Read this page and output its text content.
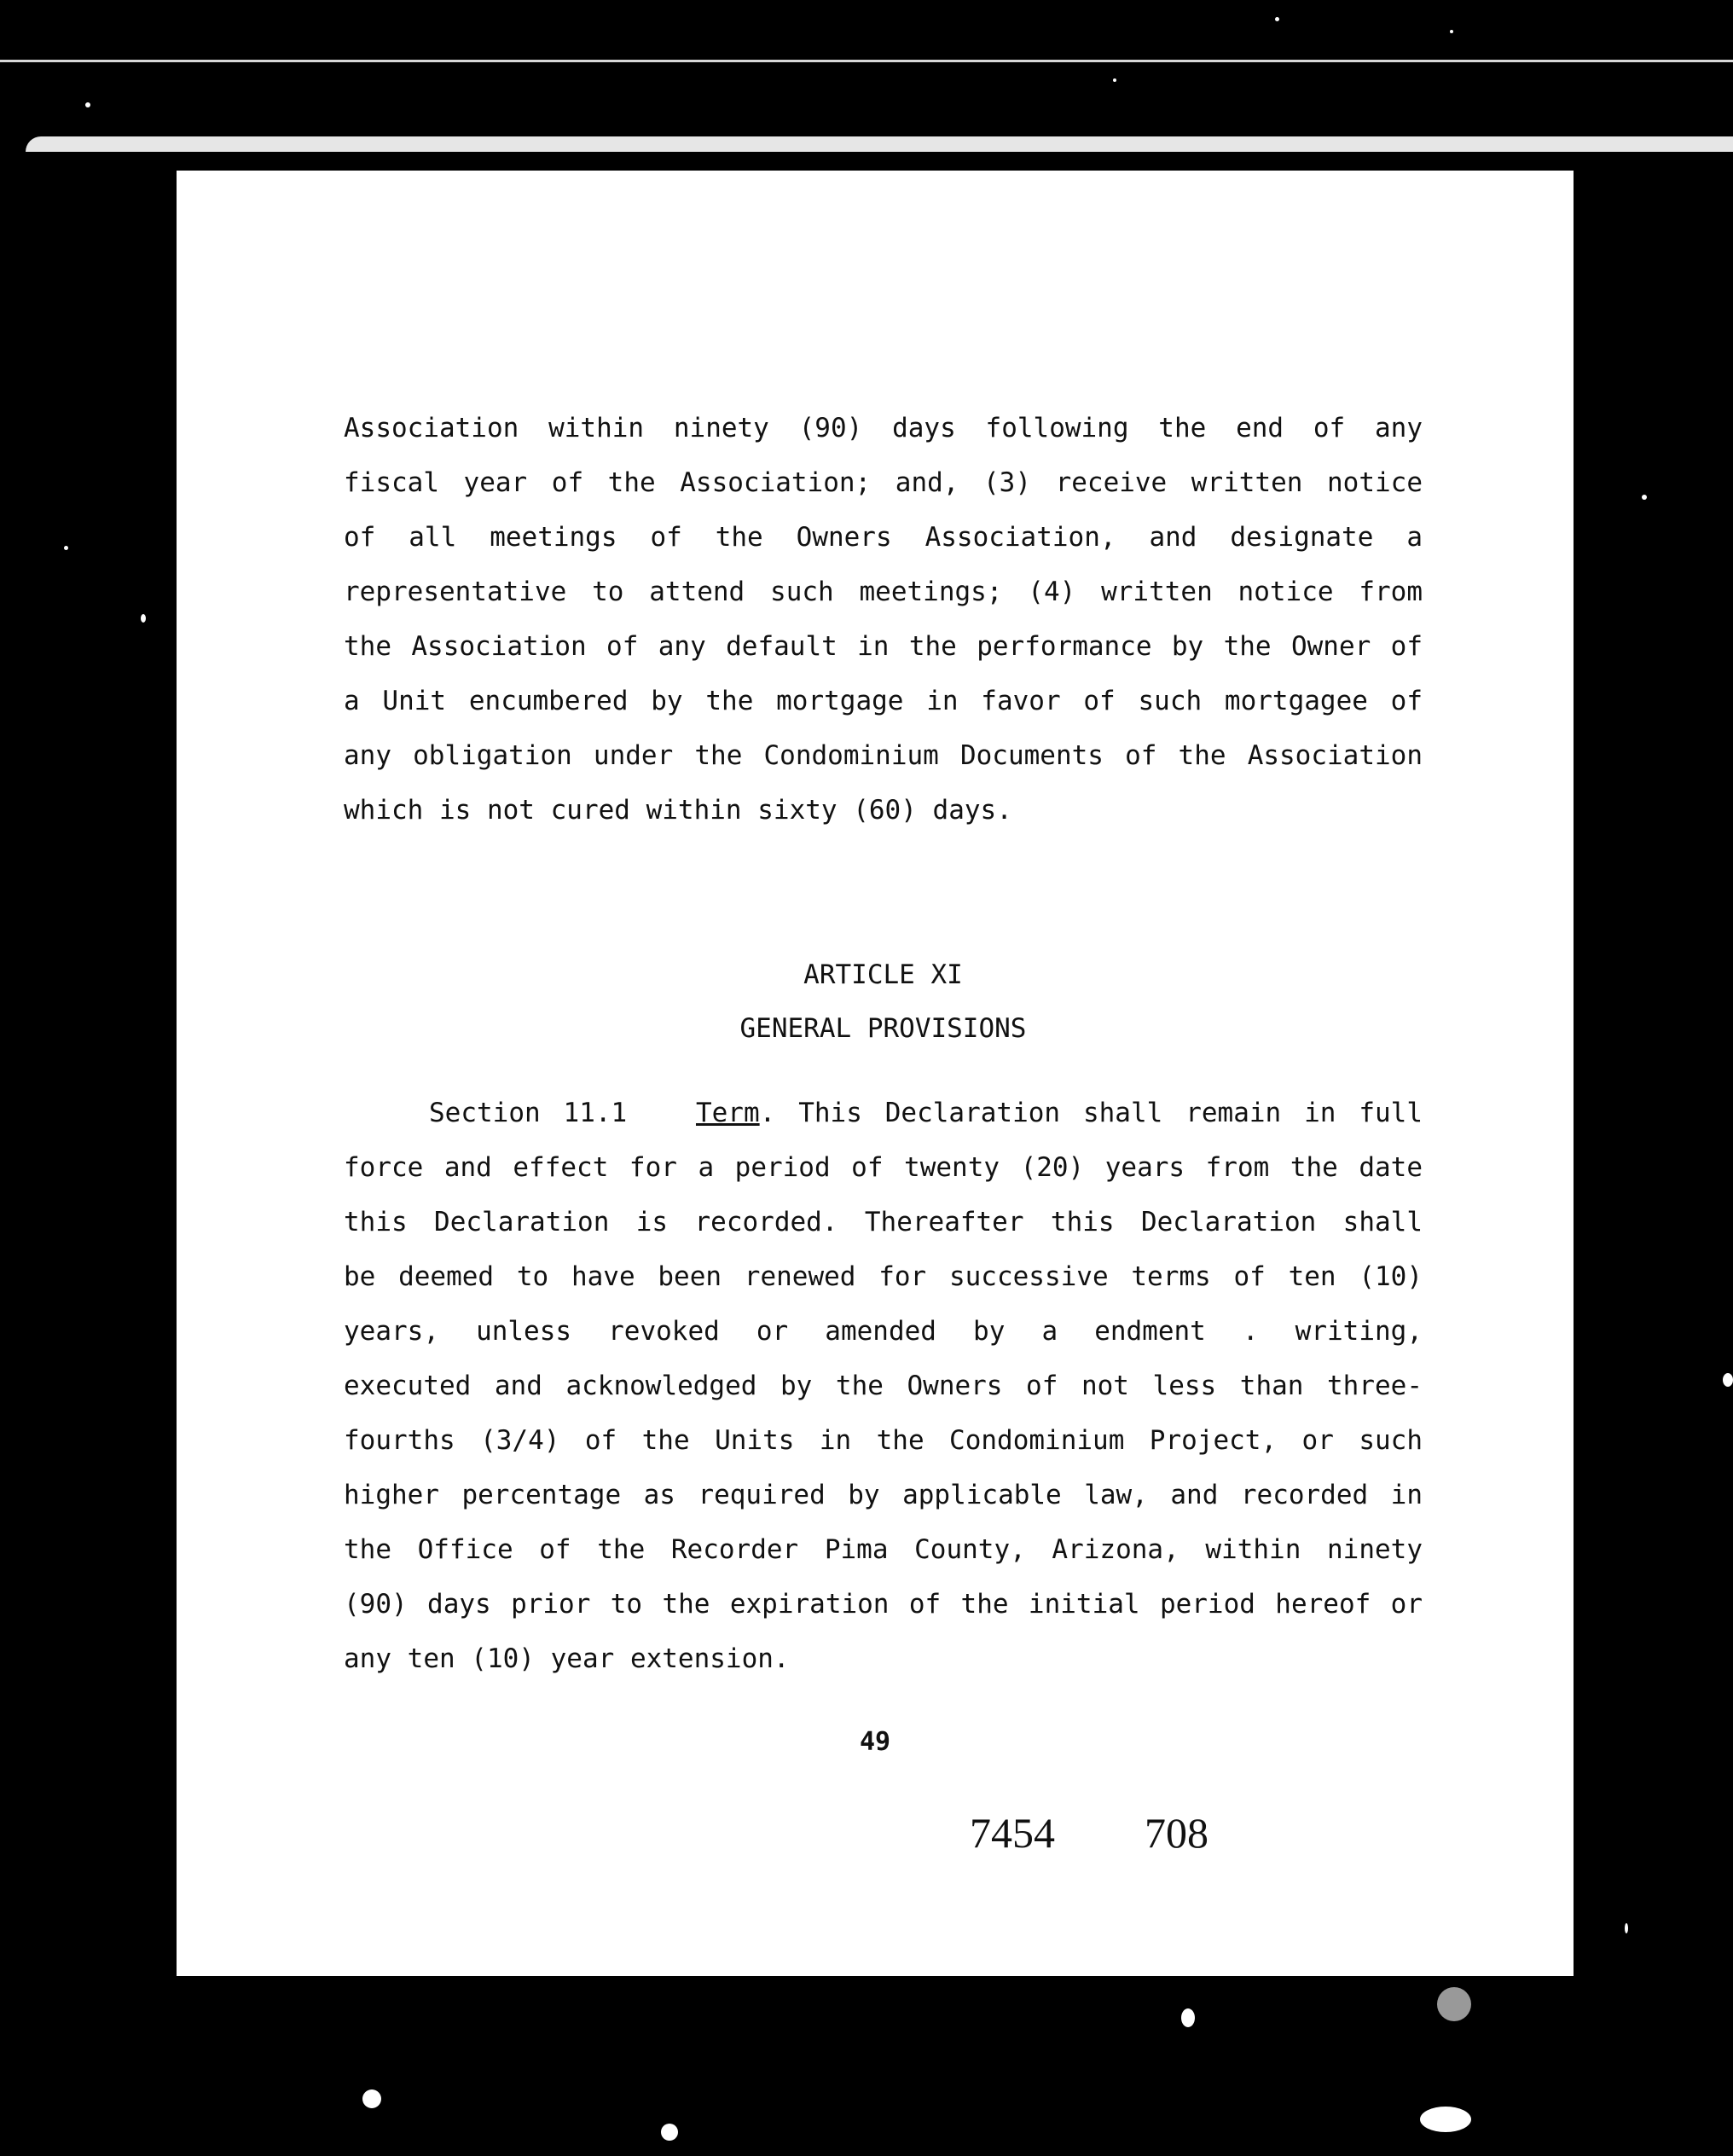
Association within ninety (90) days following the end of any
fiscal year of the Association; and, (3) receive written notice
of all meetings of the Owners Association, and designate a
representative to attend such meetings; (4) written notice from
the Association of any default in the performance by the Owner of
a Unit encumbered by the mortgage in favor of such mortgagee of
any obligation under the Condominium Documents of the Association
which is not cured within sixty (60) days.
ARTICLE XI
GENERAL PROVISIONS
Section 11.1	Term. This Declaration shall remain in full
force and effect for a period of twenty (20) years from the date
this Declaration is recorded. Thereafter this Declaration shall
be deemed to have been renewed for successive terms of ten (10)
years, unless revoked or amended by a endment . writing,
executed and acknowledged by the Owners of not less than three-
fourths (3/4) of the Units in the Condominium Project, or such
higher percentage as required by applicable law, and recorded in
the Office of the Recorder Pima County, Arizona, within ninety
(90) days prior to the expiration of the initial period hereof or
any ten (10) year extension.
49
7454 708
